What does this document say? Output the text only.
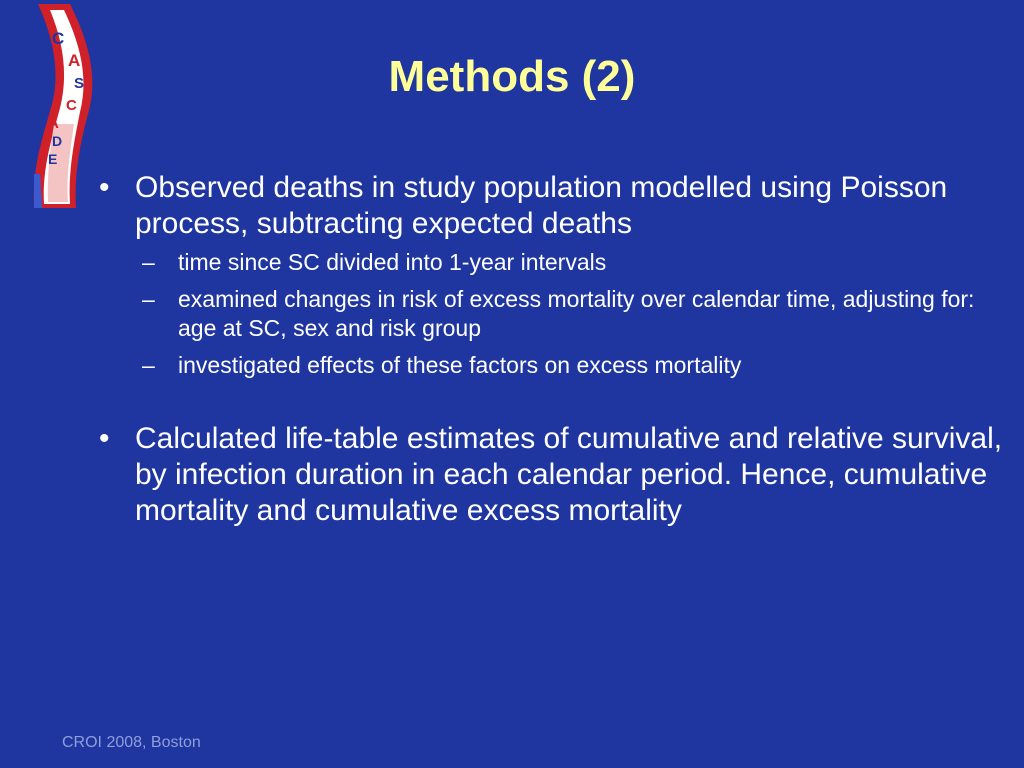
C
A
S
C
A
D
E
Methods (2)
• Observed deaths in study population modelled using Poisson process, subtracting expected deaths
– time since SC divided into 1-year intervals
– examined changes in risk of excess mortality over calendar time, adjusting for: age at SC, sex and risk group
– investigated effects of these factors on excess mortality
• Calculated life-table estimates of cumulative and relative survival, by infection duration in each calendar period. Hence, cumulative mortality and cumulative excess mortality
CROI 2008, Boston
